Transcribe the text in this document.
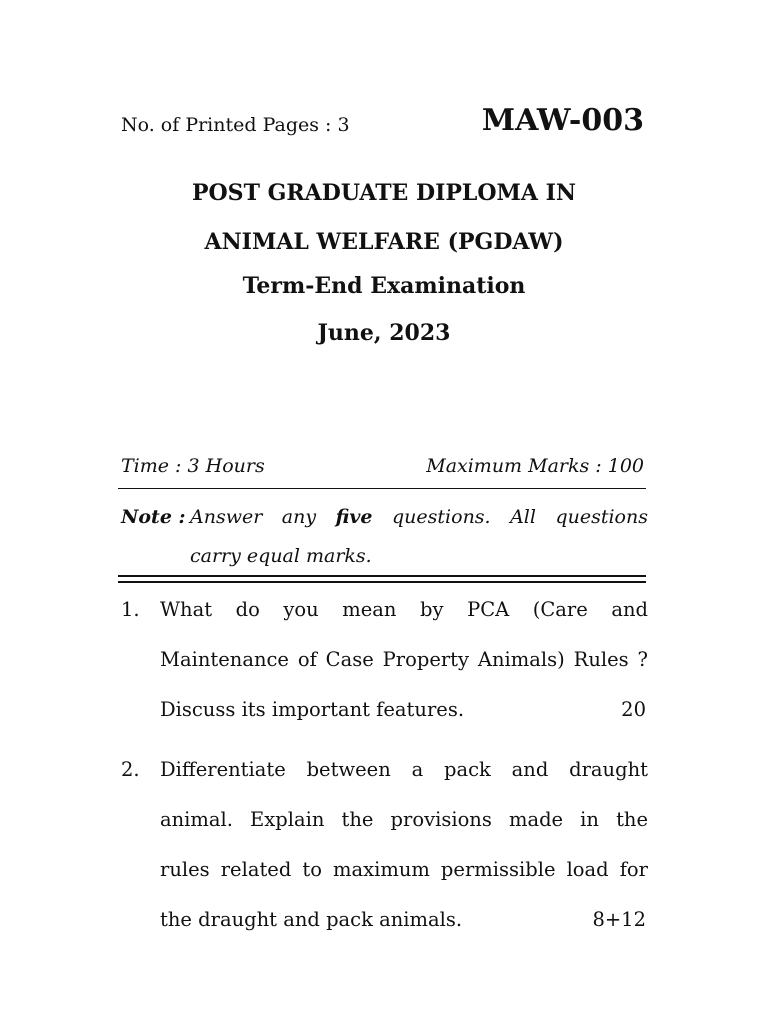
No. of Printed Pages : 3	MAW-003
POST GRADUATE DIPLOMA IN
ANIMAL WELFARE (PGDAW)
Term-End Examination
June, 2023
Time : 3 Hours	Maximum Marks : 100
Note : Answer any five questions. All questions
carry equal marks.
1. What do you mean by PCA (Care and
Maintenance of Case Property Animals) Rules ?
Discuss its important features.	20
2. Differentiate between a pack and draught
animal. Explain the provisions made in the
rules related to maximum permissible load for
the draught and pack animals.	8+12
